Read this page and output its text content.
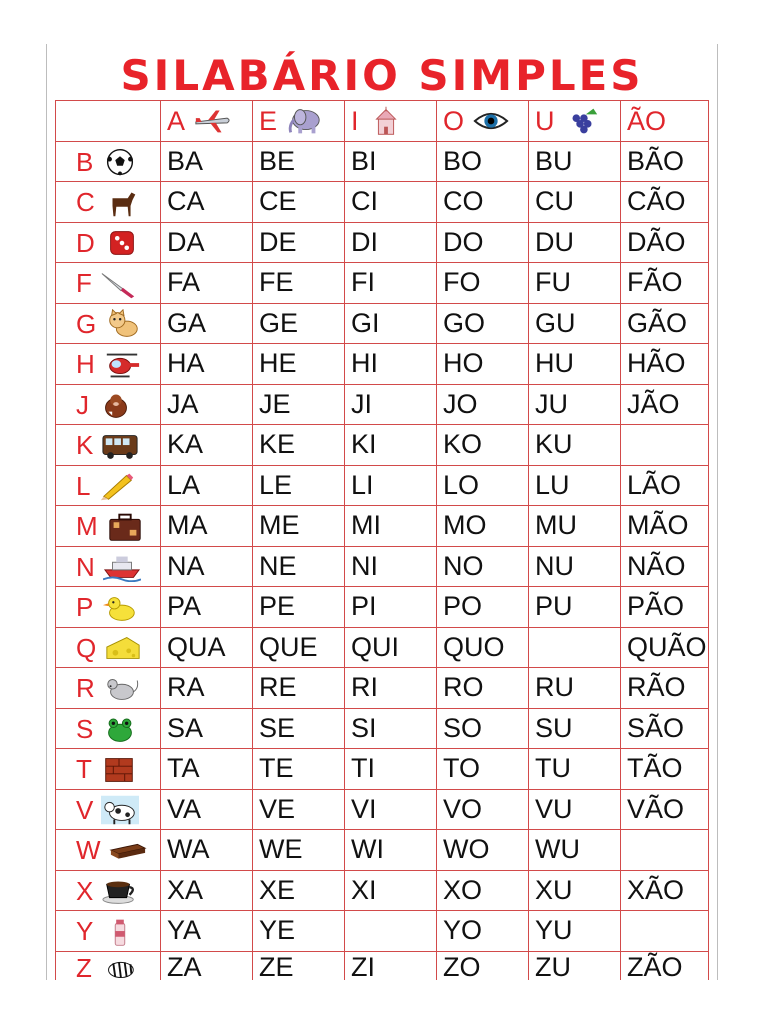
SILABÁRIO SIMPLES
	A	E	I	O	U	ÃO
B	BA	BE	BI	BO	BU	BÃO
C	CA	CE	CI	CO	CU	CÃO
D	DA	DE	DI	DO	DU	DÃO
F	FA	FE	FI	FO	FU	FÃO
G	GA	GE	GI	GO	GU	GÃO
H	HA	HE	HI	HO	HU	HÃO
J	JA	JE	JI	JO	JU	JÃO
K	KA	KE	KI	KO	KU	
L	LA	LE	LI	LO	LU	LÃO
M	MA	ME	MI	MO	MU	MÃO
N	NA	NE	NI	NO	NU	NÃO
P	PA	PE	PI	PO	PU	PÃO
Q	QUA	QUE	QUI	QUO		QUÃO
R	RA	RE	RI	RO	RU	RÃO
S	SA	SE	SI	SO	SU	SÃO
T	TA	TE	TI	TO	TU	TÃO
V	VA	VE	VI	VO	VU	VÃO
W	WA	WE	WI	WO	WU	
X	XA	XE	XI	XO	XU	XÃO
Y	YA	YE		YO	YU	
Z	ZA	ZE	ZI	ZO	ZU	ZÃO
